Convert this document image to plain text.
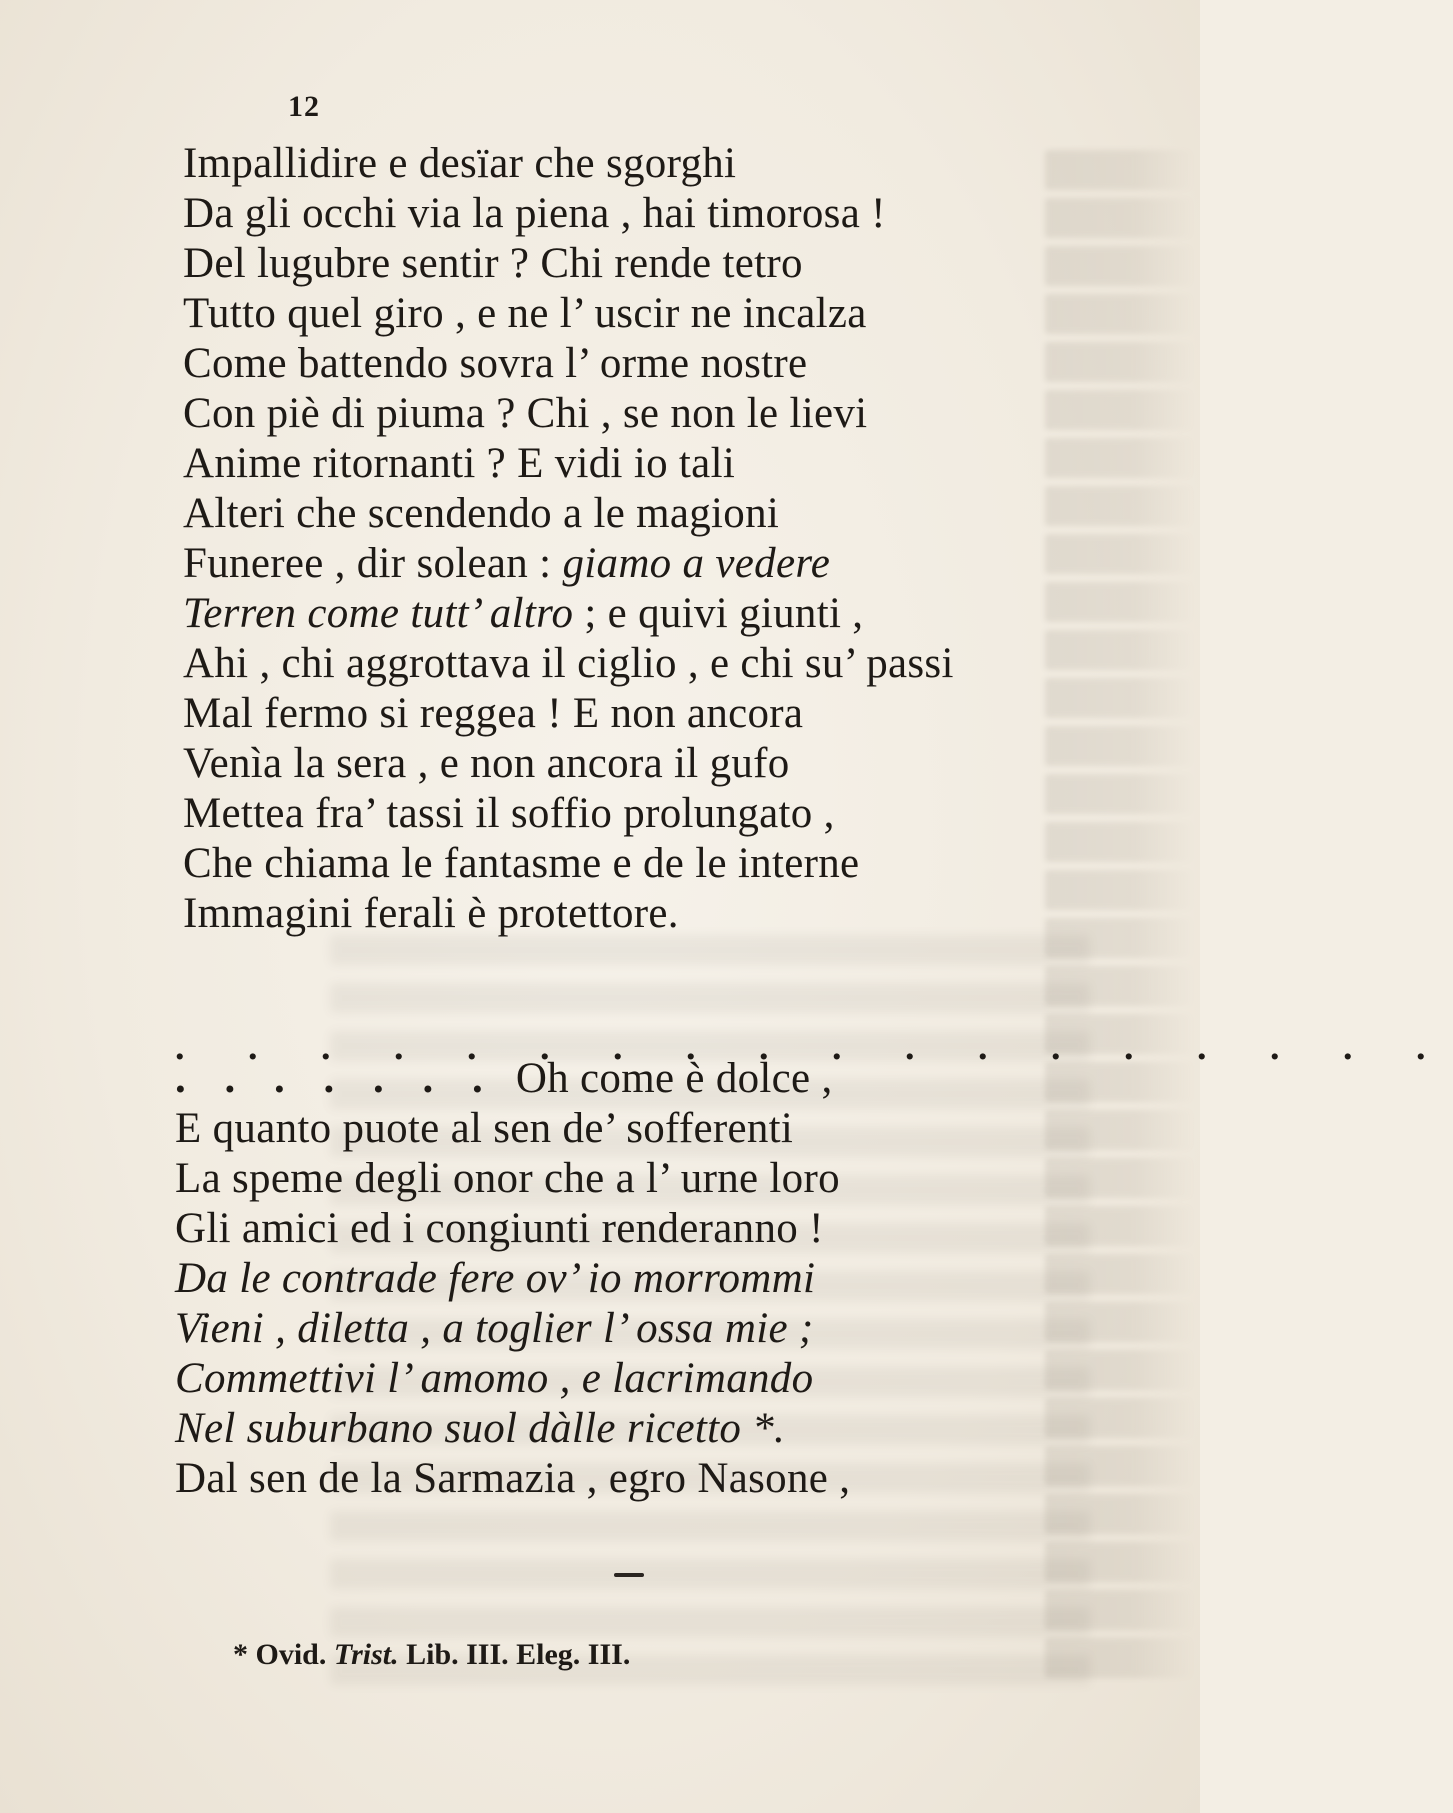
12
Impallidire e desïar che sgorghi
Da gli occhi via la piena , hai timorosa !
Del lugubre sentir ? Chi rende tetro
Tutto quel giro , e ne l’ uscir ne incalza
Come battendo sovra l’ orme nostre
Con piè di piuma ? Chi , se non le lievi
Anime ritornanti ? E vidi io tali
Alteri che scendendo a le magioni
Funeree , dir solean : giamo a vedere
Terren come tutt’ altro ; e quivi giunti ,
Ahi , chi aggrottava il ciglio , e chi su’ passi
Mal fermo si reggea ! E non ancora
Venìa la sera , e non ancora il gufo
Mettea fra’ tassi il soffio prolungato ,
Che chiama le fantasme e de le interne
Immagini ferali è protettore.
. . . . . . . . . . . . . . . . . .
. . . . . . . Oh come è dolce ,
E quanto puote al sen de’ sofferenti
La speme degli onor che a l’ urne loro
Gli amici ed i congiunti renderanno !
Da le contrade fere ov’ io morrommi
Vieni , diletta , a toglier l’ ossa mie ;
Commettivi l’ amomo , e lacrimando
Nel suburbano suol dàlle ricetto *.
Dal sen de la Sarmazia , egro Nasone ,
* Ovid. Trist. Lib. III. Eleg. III.
